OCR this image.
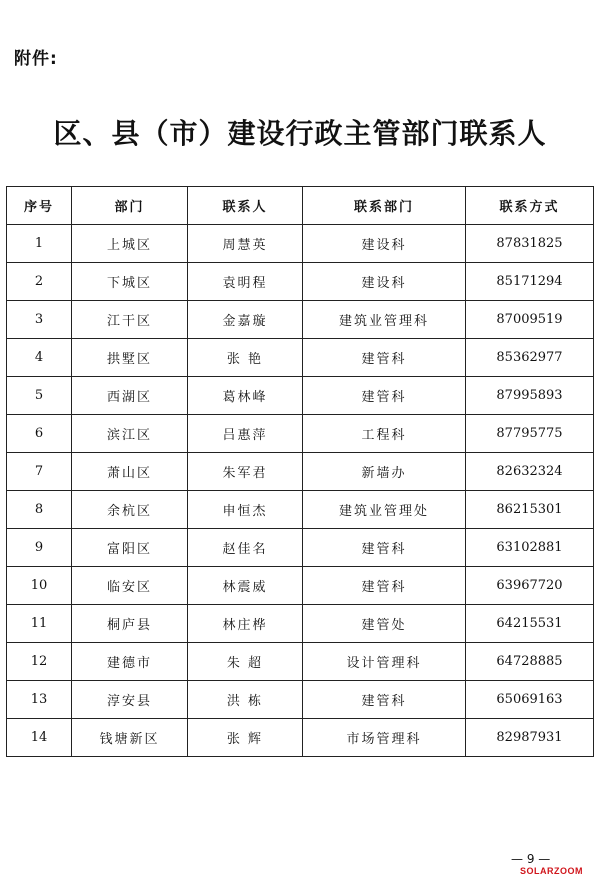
附件:
区、县（市）建设行政主管部门联系人
序号	部门	联系人	联系部门	联系方式
1	上城区	周慧英	建设科	87831825
2	下城区	袁明程	建设科	85171294
3	江干区	金嘉璇	建筑业管理科	87009519
4	拱墅区	张 艳	建管科	85362977
5	西湖区	葛林峰	建管科	87995893
6	滨江区	吕惠萍	工程科	87795775
7	萧山区	朱军君	新墙办	82632324
8	余杭区	申恒杰	建筑业管理处	86215301
9	富阳区	赵佳名	建管科	63102881
10	临安区	林震威	建管科	63967720
11	桐庐县	林庄桦	建管处	64215531
12	建德市	朱 超	设计管理科	64728885
13	淳安县	洪 栋	建管科	65069163
14	钱塘新区	张 辉	市场管理科	82987931
— 9 —
SOLARZOOM
